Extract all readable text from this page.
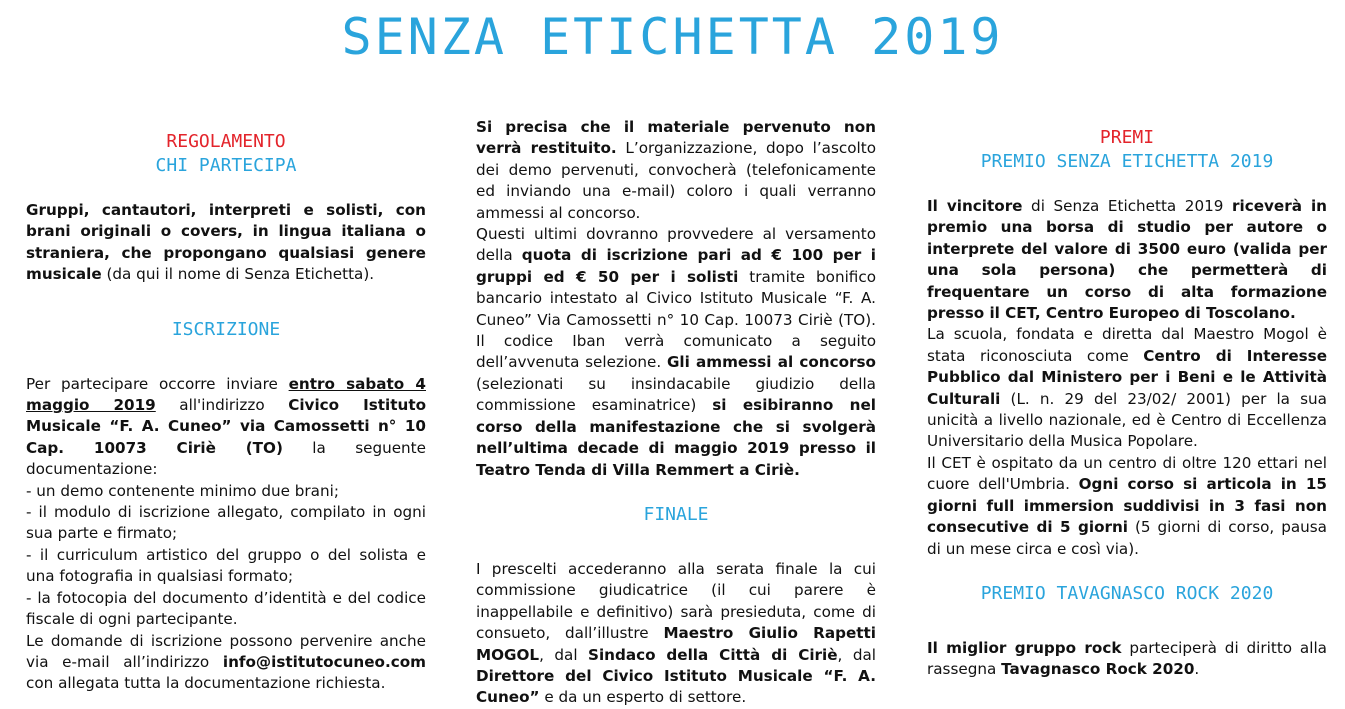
SENZA ETICHETTA 2019
REGOLAMENTO
CHI PARTECIPA

Gruppi, cantautori, interpreti e solisti, con brani originali o covers, in lingua italiana o straniera, che propongano qualsiasi genere musicale (da qui il nome di Senza Etichetta).

ISCRIZIONE

Per partecipare occorre inviare entro sabato 4 maggio 2019 all'indirizzo Civico Istituto Musicale “F. A. Cuneo” via Camossetti n° 10 Cap. 10073 Ciriè (TO) la seguente documentazione:

- un demo contenente minimo due brani;

- il modulo di iscrizione allegato, compilato in ogni sua parte e firmato;

- il curriculum artistico del gruppo o del solista e una fotografia in qualsiasi formato;

- la fotocopia del documento d’identità e del codice fiscale di ogni partecipante.

Le domande di iscrizione possono pervenire anche via e-mail all’indirizzo info@istitutocuneo.com con allegata tutta la documentazione richiesta.

Si precisa che il materiale pervenuto non verrà restituito. L’organizzazione, dopo l’ascolto dei demo pervenuti, convocherà (telefonicamente ed inviando una e-mail) coloro i quali verranno ammessi al concorso.

Questi ultimi dovranno provvedere al versamento della quota di iscrizione pari ad € 100 per i gruppi ed € 50 per i solisti tramite bonifico bancario intestato al Civico Istituto Musicale “F. A. Cuneo” Via Camossetti n° 10 Cap. 10073 Ciriè (TO). Il codice Iban verrà comunicato a seguito dell’avvenuta selezione. Gli ammessi al concorso (selezionati su insindacabile giudizio della commissione esaminatrice) si esibiranno nel corso della manifestazione che si svolgerà nell’ultima decade di maggio 2019 presso il Teatro Tenda di Villa Remmert a Ciriè.

FINALE

I prescelti accederanno alla serata finale la cui commissione giudicatrice (il cui parere è inappellabile e definitivo) sarà presieduta, come di consueto, dall’illustre Maestro Giulio Rapetti MOGOL, dal Sindaco della Città di Ciriè, dal Direttore del Civico Istituto Musicale “F. A. Cuneo” e da un esperto di settore.

PREMI
PREMIO SENZA ETICHETTA 2019

Il vincitore di Senza Etichetta 2019 riceverà in premio una borsa di studio per autore o interprete del valore di 3500 euro (valida per una sola persona) che permetterà di frequentare un corso di alta formazione presso il CET, Centro Europeo di Toscolano.

La scuola, fondata e diretta dal Maestro Mogol è stata riconosciuta come Centro di Interesse Pubblico dal Ministero per i Beni e le Attività Culturali (L. n. 29 del 23/02/ 2001) per la sua unicità a livello nazionale, ed è Centro di Eccellenza Universitario della Musica Popolare.

Il CET è ospitato da un centro di oltre 120 ettari nel cuore dell'Umbria. Ogni corso si articola in 15 giorni full immersion suddivisi in 3 fasi non consecutive di 5 giorni (5 giorni di corso, pausa di un mese circa e così via).

PREMIO TAVAGNASCO ROCK 2020

Il miglior gruppo rock parteciperà di diritto alla rassegna Tavagnasco Rock 2020.
